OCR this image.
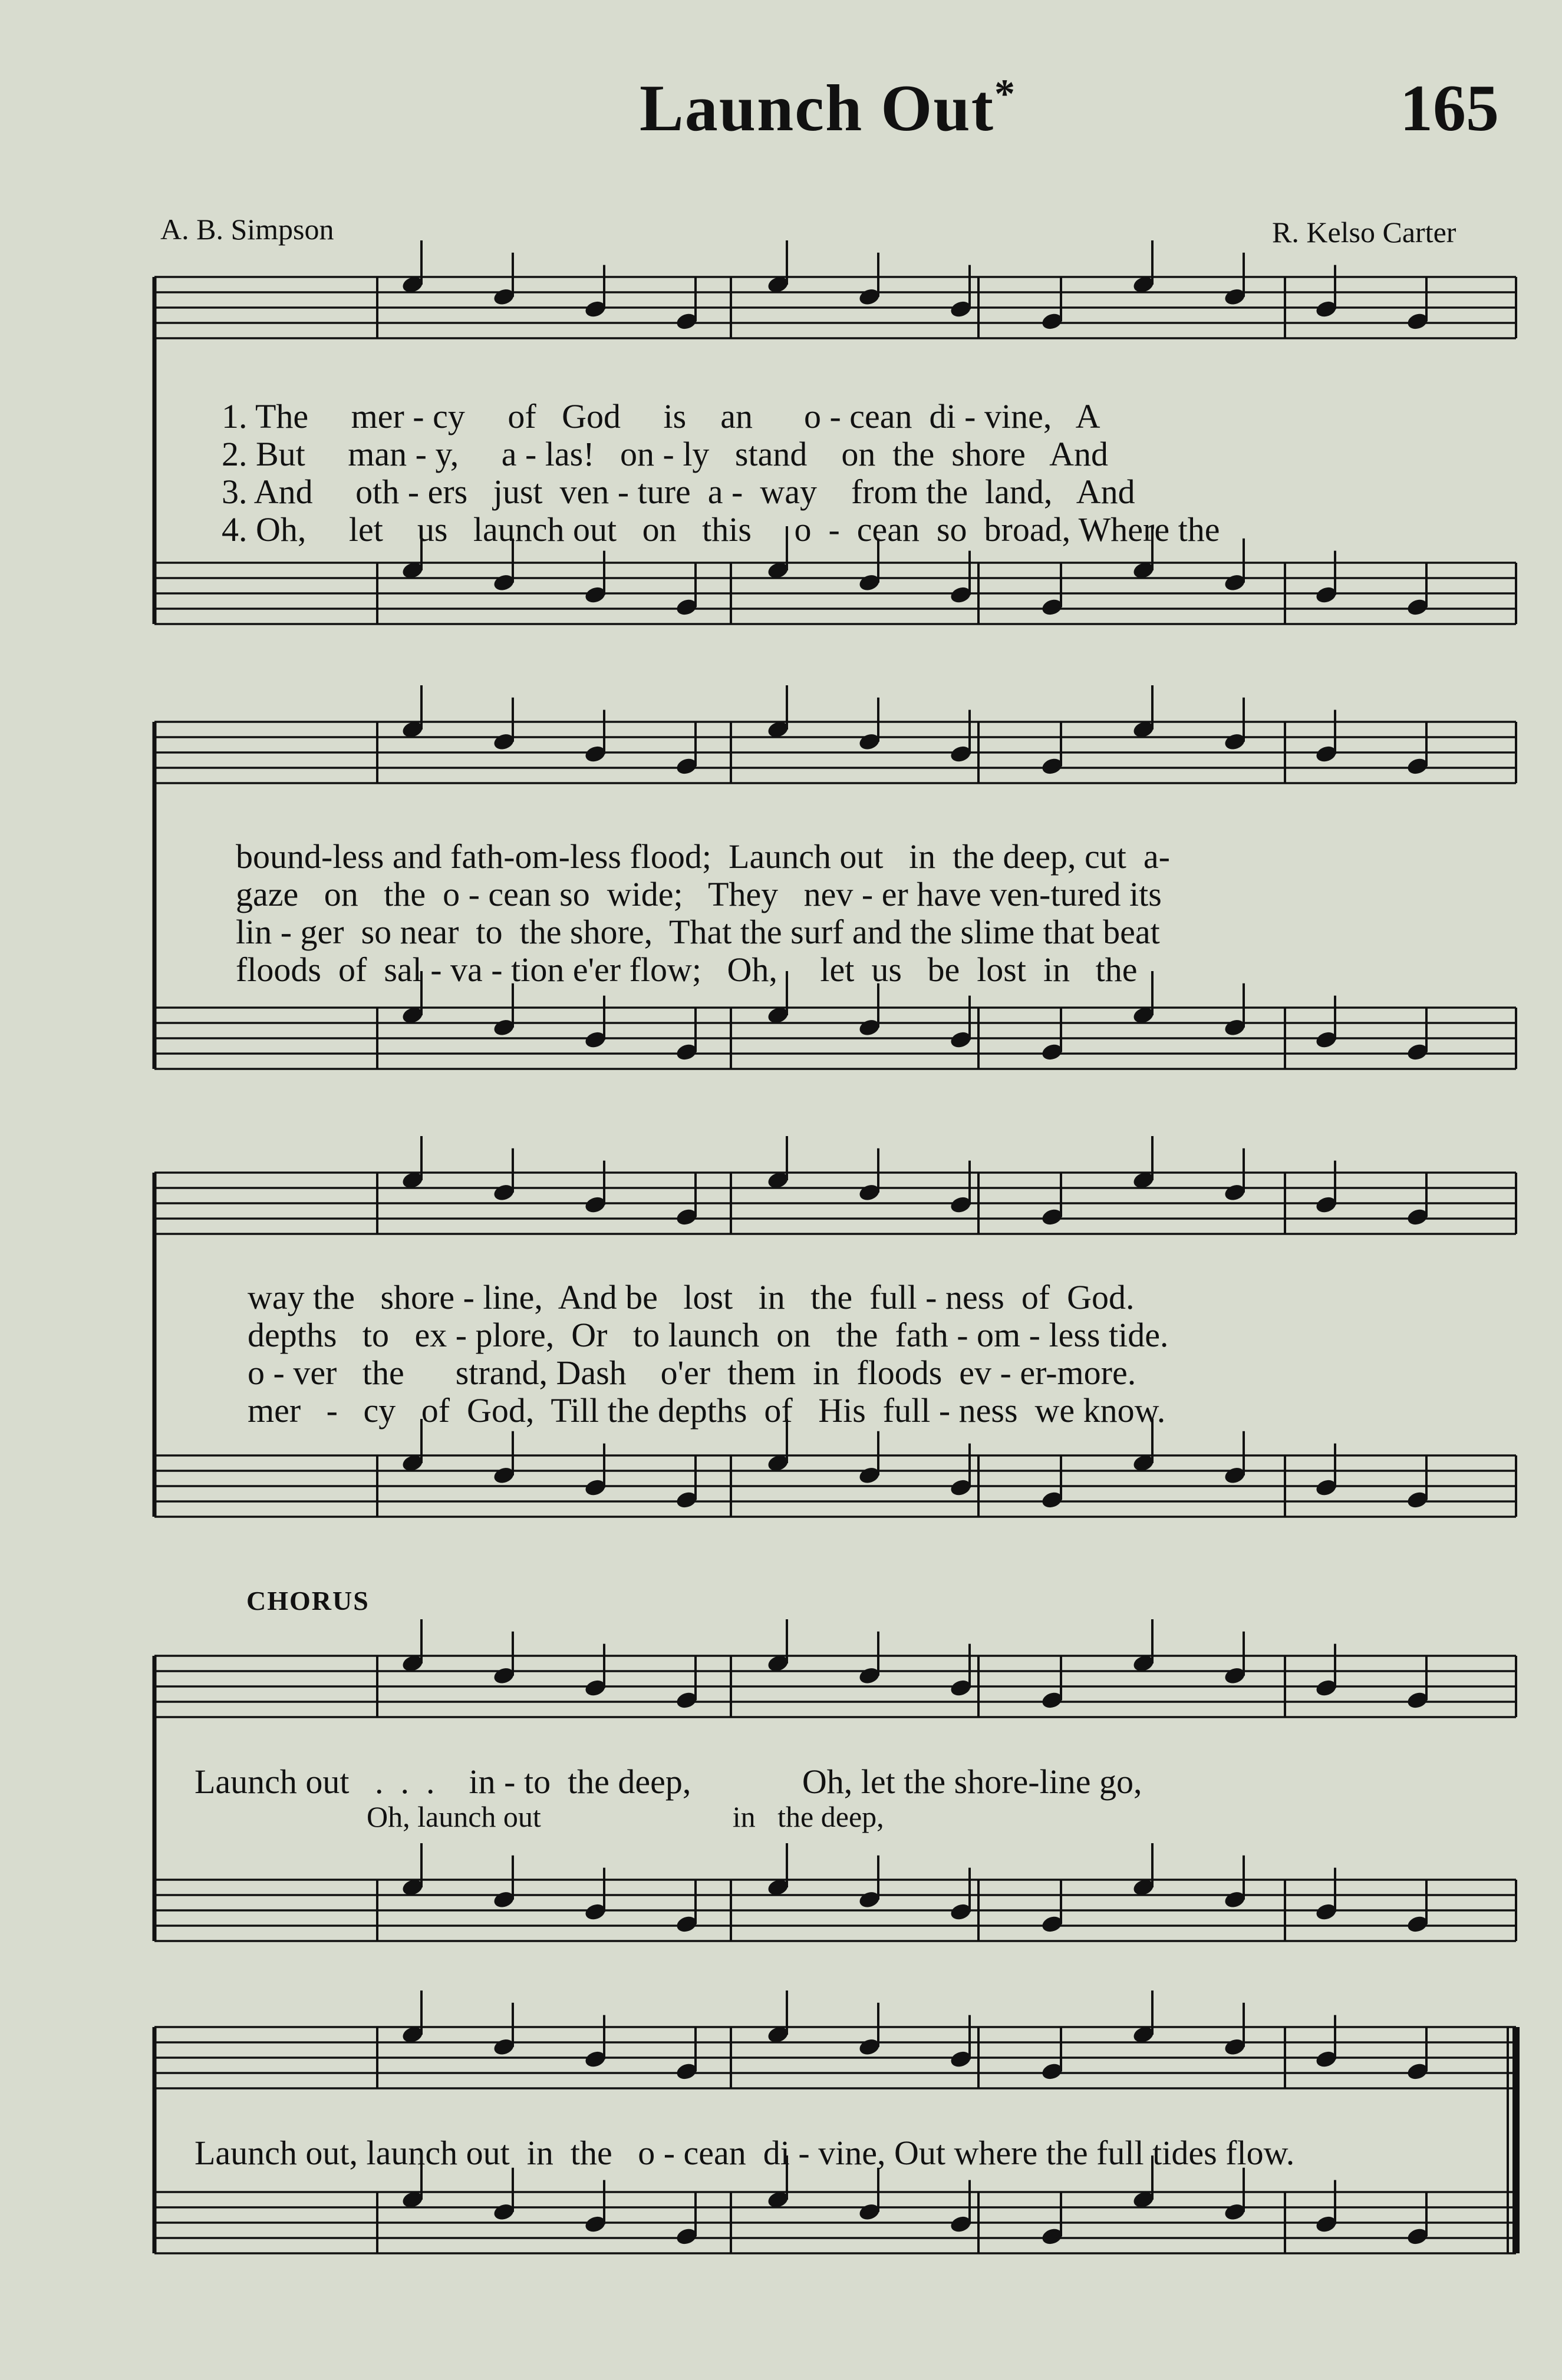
Launch Out*	165
A. B. Simpson	R. Kelso Carter
1. The     mer - cy     of   God     is    an      o - cean  di - vine,   A
2. But     man - y,     a - las!   on - ly   stand    on  the  shore   And
3. And     oth - ers   just  ven - ture  a -  way    from the  land,   And
4. Oh,     let    us   launch out   on   this     o  -  cean  so  broad, Where the
bound-less and fath-om-less flood;  Launch out   in  the deep, cut  a-
gaze   on   the  o - cean so  wide;   They   nev - er have ven-tured its
lin - ger  so near  to  the shore,  That the surf and the slime that beat
floods  of  sal - va - tion e'er flow;   Oh,     let  us   be  lost  in   the
way the   shore - line,  And be   lost   in   the  full - ness  of  God.
depths   to   ex - plore,  Or   to launch  on   the  fath - om - less tide.
o - ver   the      strand, Dash    o'er  them  in  floods  ev - er-more.
mer   -   cy   of  God,  Till the depths  of   His  full - ness  we know.
CHORUS
Launch out   .  .  .    in - to  the deep,             Oh, let the shore-line go,
Oh, launch out                          in   the deep,
Launch out, launch out  in  the   o - cean  di - vine, Out where the full tides flow.
